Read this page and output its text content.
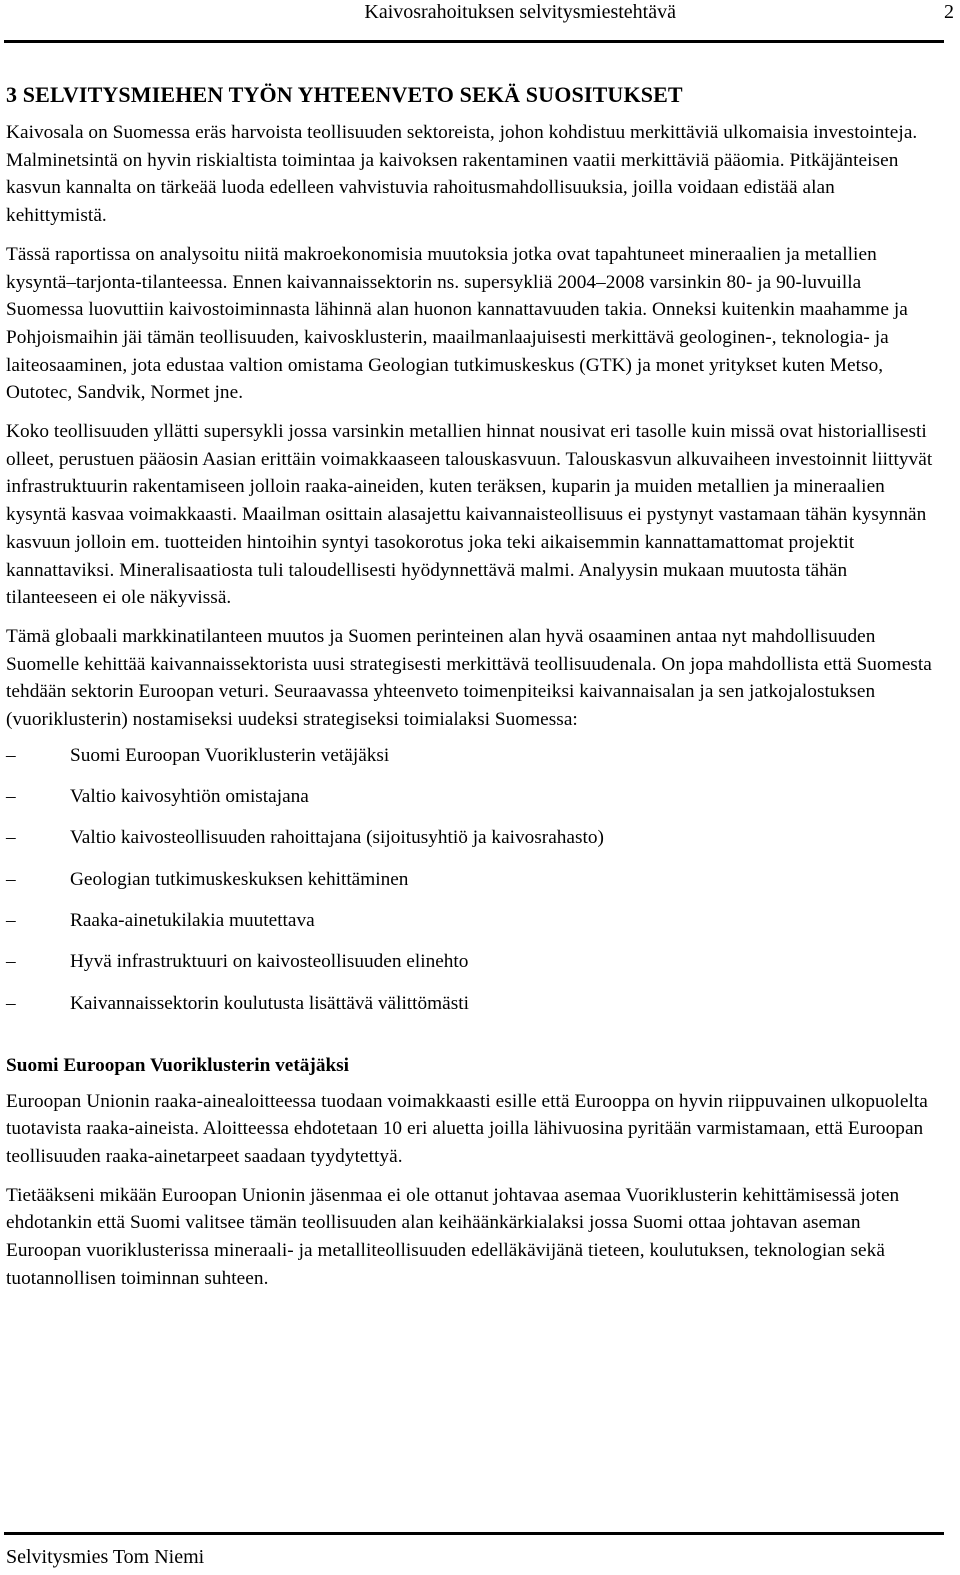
Kaivosrahoituksen selvitysmiestehtävä	2
3 SELVITYSMIEHEN TYÖN YHTEENVETO SEKÄ SUOSITUKSET

Kaivosala on Suomessa eräs harvoista teollisuuden sektoreista, johon kohdistuu merkittäviä ulkomaisia investointeja. Malminetsintä on hyvin riskialtista toimintaa ja kaivoksen rakentaminen vaatii merkittäviä pääomia. Pitkäjänteisen kasvun kannalta on tärkeää luoda edelleen vahvistuvia rahoitusmahdollisuuksia, joilla voidaan edistää alan kehittymistä.

Tässä raportissa on analysoitu niitä makroekonomisia muutoksia jotka ovat tapahtuneet mineraalien ja metallien kysyntä–tarjonta-tilanteessa. Ennen kaivannaissektorin ns. supersykliä 2004–2008 varsinkin 80- ja 90-luvuilla Suomessa luovuttiin kaivostoiminnasta lähinnä alan huonon kannattavuuden takia. Onneksi kuitenkin maahamme ja Pohjoismaihin jäi tämän teollisuuden, kaivosklusterin, maailmanlaajuisesti merkittävä geologinen-, teknologia- ja laiteosaaminen, jota edustaa valtion omistama Geologian tutkimuskeskus (GTK) ja monet yritykset kuten Metso, Outotec, Sandvik, Normet jne.

Koko teollisuuden yllätti supersykli jossa varsinkin metallien hinnat nousivat eri tasolle kuin missä ovat historiallisesti olleet, perustuen pääosin Aasian erittäin voimakkaaseen talouskasvuun. Talouskasvun alkuvaiheen investoinnit liittyvät infrastruktuurin rakentamiseen jolloin raaka-aineiden, kuten teräksen, kuparin ja muiden metallien ja mineraalien kysyntä kasvaa voimakkaasti. Maailman osittain alasajettu kaivannaisteollisuus ei pystynyt vastamaan tähän kysynnän kasvuun jolloin em. tuotteiden hintoihin syntyi tasokorotus joka teki aikaisemmin kannattamattomat projektit kannattaviksi. Mineralisaatiosta tuli taloudellisesti hyödynnettävä malmi. Analyysin mukaan muutosta tähän tilanteeseen ei ole näkyvissä.

Tämä globaali markkinatilanteen muutos ja Suomen perinteinen alan hyvä osaaminen antaa nyt mahdollisuuden Suomelle kehittää kaivannaissektorista uusi strategisesti merkittävä teollisuudenala. On jopa mahdollista että Suomesta tehdään sektorin Euroopan veturi. Seuraavassa yhteenveto toimenpiteiksi kaivannaisalan ja sen jatkojalostuksen (vuoriklusterin) nostamiseksi uudeksi strategiseksi toimialaksi Suomessa:

–	Suomi Euroopan Vuoriklusterin vetäjäksi
–	Valtio kaivosyhtiön omistajana
–	Valtio kaivosteollisuuden rahoittajana (sijoitusyhtiö ja kaivosrahasto)
–	Geologian tutkimuskeskuksen kehittäminen
–	Raaka-ainetukilakia muutettava
–	Hyvä infrastruktuuri on kaivosteollisuuden elinehto
–	Kaivannaissektorin koulutusta lisättävä välittömästi
Suomi Euroopan Vuoriklusterin vetäjäksi

Euroopan Unionin raaka-ainealoitteessa tuodaan voimakkaasti esille että Eurooppa on hyvin riippuvainen ulkopuolelta tuotavista raaka-aineista. Aloitteessa ehdotetaan 10 eri aluetta joilla lähivuosina pyritään varmistamaan, että Euroopan teollisuuden raaka-ainetarpeet saadaan tyydytettyä.

Tietääkseni mikään Euroopan Unionin jäsenmaa ei ole ottanut johtavaa asemaa Vuoriklusterin kehittämisessä joten ehdotankin että Suomi valitsee tämän teollisuuden alan keihäänkärkialaksi jossa Suomi ottaa johtavan aseman Euroopan vuoriklusterissa mineraali- ja metalliteollisuuden edelläkävijänä tieteen, koulutuksen, teknologian sekä tuotannollisen toiminnan suhteen.

Selvitysmies Tom Niemi
